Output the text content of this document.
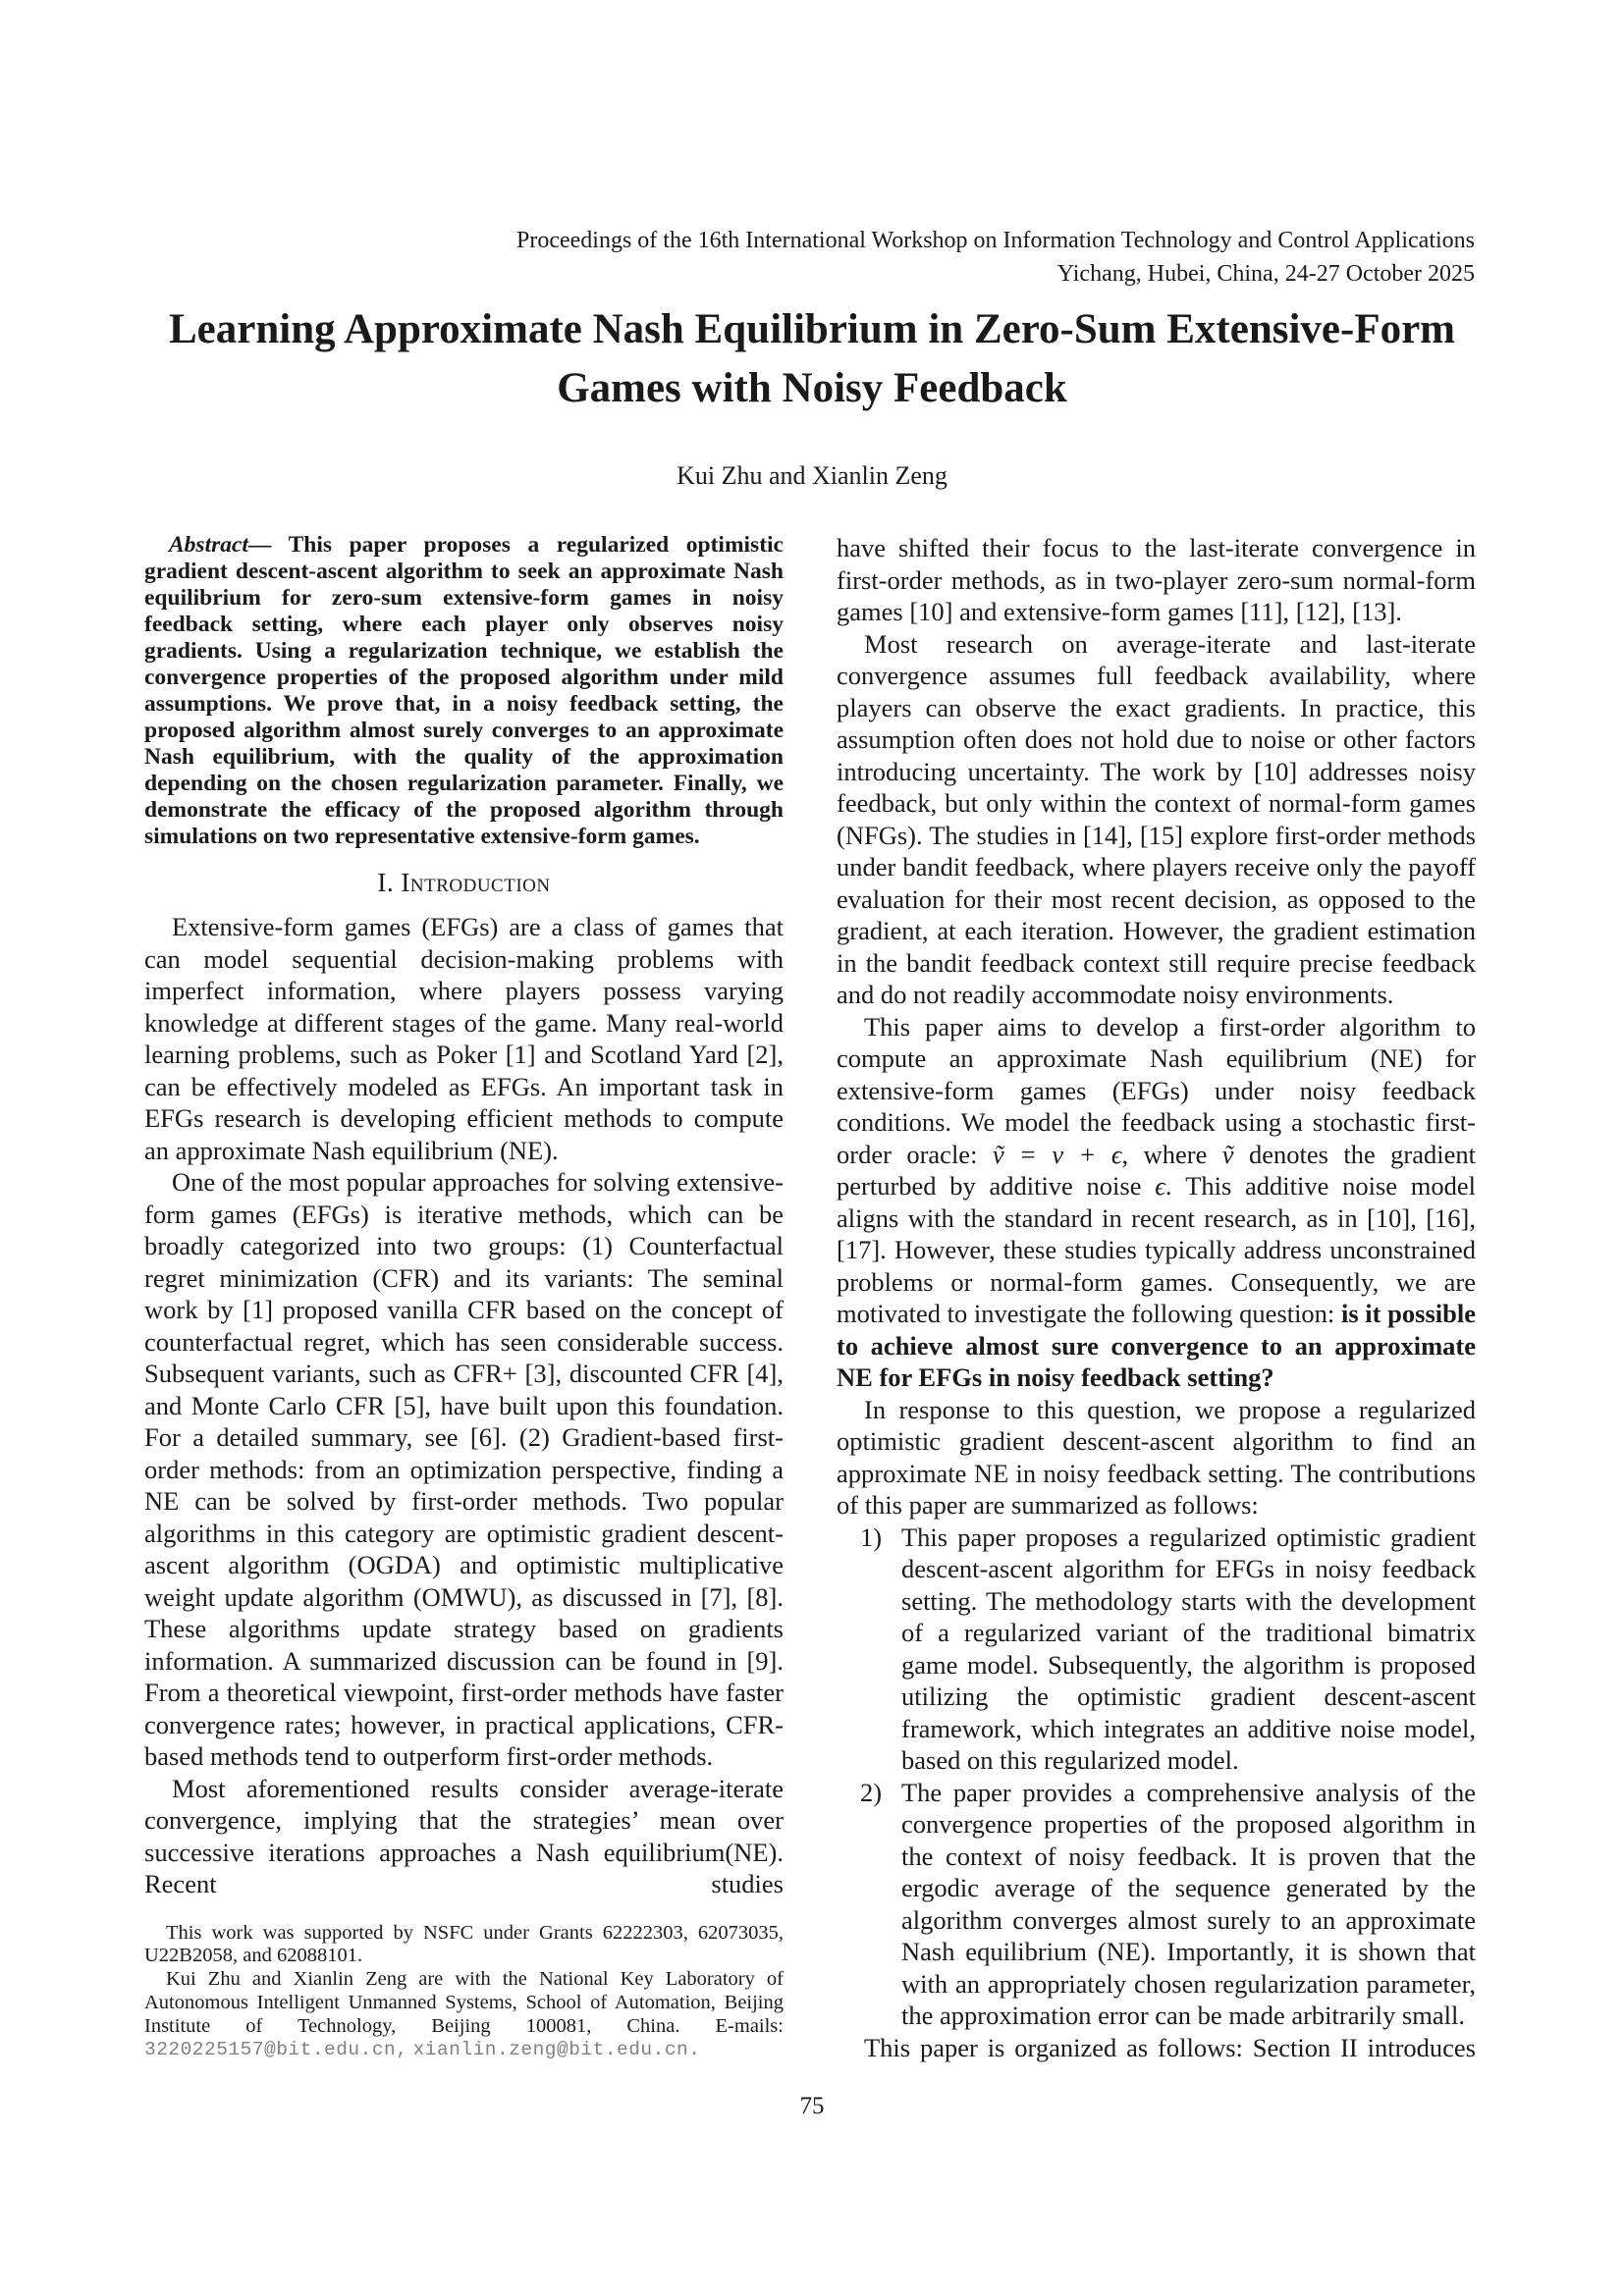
Proceedings of the 16th International Workshop on Information Technology and Control Applications
Yichang, Hubei, China, 24-27 October 2025
Learning Approximate Nash Equilibrium in Zero-Sum Extensive-Form
Games with Noisy Feedback
Kui Zhu and Xianlin Zeng

Abstract— This paper proposes a regularized optimistic gradient descent-ascent algorithm to seek an approximate Nash equilibrium for zero-sum extensive-form games in noisy feedback setting, where each player only observes noisy gradients. Using a regularization technique, we establish the convergence properties of the proposed algorithm under mild assumptions. We prove that, in a noisy feedback setting, the proposed algorithm almost surely converges to an approximate Nash equilibrium, with the quality of the approximation depending on the chosen regularization parameter. Finally, we demonstrate the efficacy of the proposed algorithm through simulations on two representative extensive-form games.

I. Introduction

Extensive-form games (EFGs) are a class of games that can model sequential decision-making problems with imperfect information, where players possess varying knowledge at different stages of the game. Many real-world learning problems, such as Poker [1] and Scotland Yard [2], can be effectively modeled as EFGs. An important task in EFGs research is developing efficient methods to compute an approximate Nash equilibrium (NE).

One of the most popular approaches for solving extensive-form games (EFGs) is iterative methods, which can be broadly categorized into two groups: (1) Counterfactual regret minimization (CFR) and its variants: The seminal work by [1] proposed vanilla CFR based on the concept of counterfactual regret, which has seen considerable success. Subsequent variants, such as CFR+ [3], discounted CFR [4], and Monte Carlo CFR [5], have built upon this foundation. For a detailed summary, see [6]. (2) Gradient-based first-order methods: from an optimization perspective, finding a NE can be solved by first-order methods. Two popular algorithms in this category are optimistic gradient descent-ascent algorithm (OGDA) and optimistic multiplicative weight update algorithm (OMWU), as discussed in [7], [8]. These algorithms update strategy based on gradients information. A summarized discussion can be found in [9]. From a theoretical viewpoint, first-order methods have faster convergence rates; however, in practical applications, CFR-based methods tend to outperform first-order methods.

Most aforementioned results consider average-iterate convergence, implying that the strategies’ mean over successive iterations approaches a Nash equilibrium(NE). Recent studies

This work was supported by NSFC under Grants 62222303, 62073035, U22B2058, and 62088101.

Kui Zhu and Xianlin Zeng are with the National Key Laboratory of Autonomous Intelligent Unmanned Systems, School of Automation, Beijing Institute of Technology, Beijing 100081, China. E-mails: 3220225157@bit.edu.cn, xianlin.zeng@bit.edu.cn.

have shifted their focus to the last-iterate convergence in first-order methods, as in two-player zero-sum normal-form games [10] and extensive-form games [11], [12], [13].

Most research on average-iterate and last-iterate convergence assumes full feedback availability, where players can observe the exact gradients. In practice, this assumption often does not hold due to noise or other factors introducing uncertainty. The work by [10] addresses noisy feedback, but only within the context of normal-form games (NFGs). The studies in [14], [15] explore first-order methods under bandit feedback, where players receive only the payoff evaluation for their most recent decision, as opposed to the gradient, at each iteration. However, the gradient estimation in the bandit feedback context still require precise feedback and do not readily accommodate noisy environments.

This paper aims to develop a first-order algorithm to compute an approximate Nash equilibrium (NE) for extensive-form games (EFGs) under noisy feedback conditions. We model the feedback using a stochastic first-order oracle: ṽ = v + ϵ, where ṽ denotes the gradient perturbed by additive noise ϵ. This additive noise model aligns with the standard in recent research, as in [10], [16], [17]. However, these studies typically address unconstrained problems or normal-form games. Consequently, we are motivated to investigate the following question: is it possible to achieve almost sure convergence to an approximate NE for EFGs in noisy feedback setting?

In response to this question, we propose a regularized optimistic gradient descent-ascent algorithm to find an approximate NE in noisy feedback setting. The contributions of this paper are summarized as follows:

1) This paper proposes a regularized optimistic gradient descent-ascent algorithm for EFGs in noisy feedback setting. The methodology starts with the development of a regularized variant of the traditional bimatrix game model. Subsequently, the algorithm is proposed utilizing the optimistic gradient descent-ascent framework, which integrates an additive noise model, based on this regularized model.
2) The paper provides a comprehensive analysis of the convergence properties of the proposed algorithm in the context of noisy feedback. It is proven that the ergodic average of the sequence generated by the algorithm converges almost surely to an approximate Nash equilibrium (NE). Importantly, it is shown that with an appropriately chosen regularization parameter, the approximation error can be made arbitrarily small.

This paper is organized as follows: Section II introduces

75
